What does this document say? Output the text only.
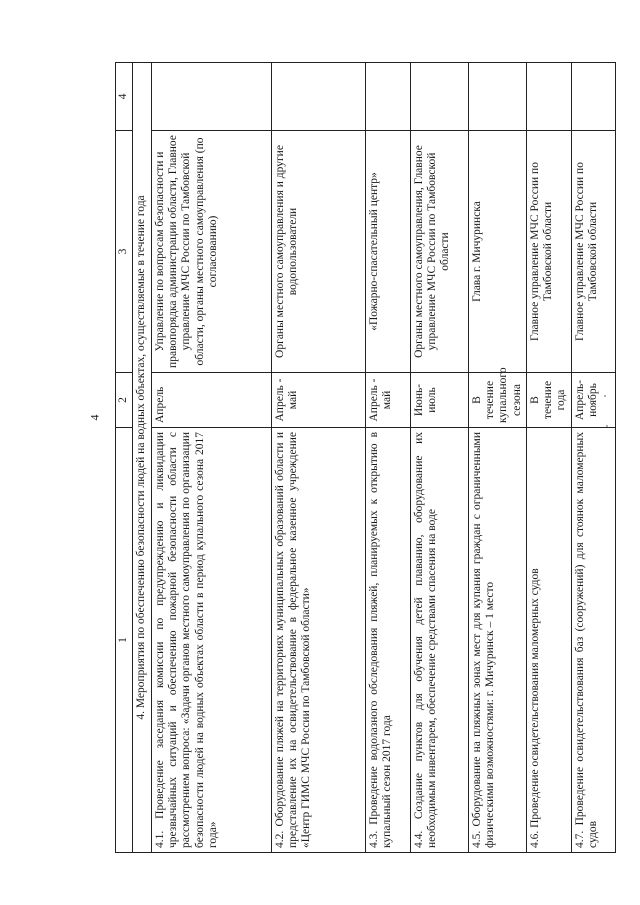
4
1	2	3	4
4. Мероприятия по обеспечению безопасности людей на водных объектах, осуществляемые в течение года			
4.1. Проведение заседания комиссии по предупреждению и ликвидации чрезвычайных ситуаций и обеспечению пожарной безопасности области с рассмотрением вопроса: «Задачи органов местного самоуправления по организации безопасности людей на водных объектах области в период купального сезона 2017 года»	Апрель	Управление по вопросам безопасности и правопорядка администрации области, Главное управление МЧС России по Тамбовской области, органы местного самоуправления (по согласованию)	
4.2. Оборудование пляжей на территориях муниципальных образований области и представление их на освидетельствование в федеральное казенное учреждение «Центр ГИМС МЧС России по Тамбовской области»	Апрель - май	Органы местного самоуправления и другие водопользователи	
4.3. Проведение водолазного обследования пляжей, планируемых к открытию в купальный сезон 2017 года	Апрель - май	«Пожарно-спасательный центр»	
4.4. Создание пунктов для обучения детей плаванию, оборудование их необходимым инвентарем, обеспечение средствами спасения на воде	Июнь- июль	Органы местного самоуправления, Главное управление МЧС России по Тамбовской области	
4.5. Оборудование на пляжных зонах мест для купания граждан с ограниченными физическими возможностями: г. Мичуринск – 1 место	В течение купального сезона	Глава г. Мичуринска	
4.6. Проведение освидетельствования маломерных судов	В течение года	Главное управление МЧС России по Тамбовской области	
4.7. Проведение освидетельствования баз (сооружений) для стоянок маломерных судов	Апрель- ноябрь	Главное управление МЧС России по Тамбовской области	
